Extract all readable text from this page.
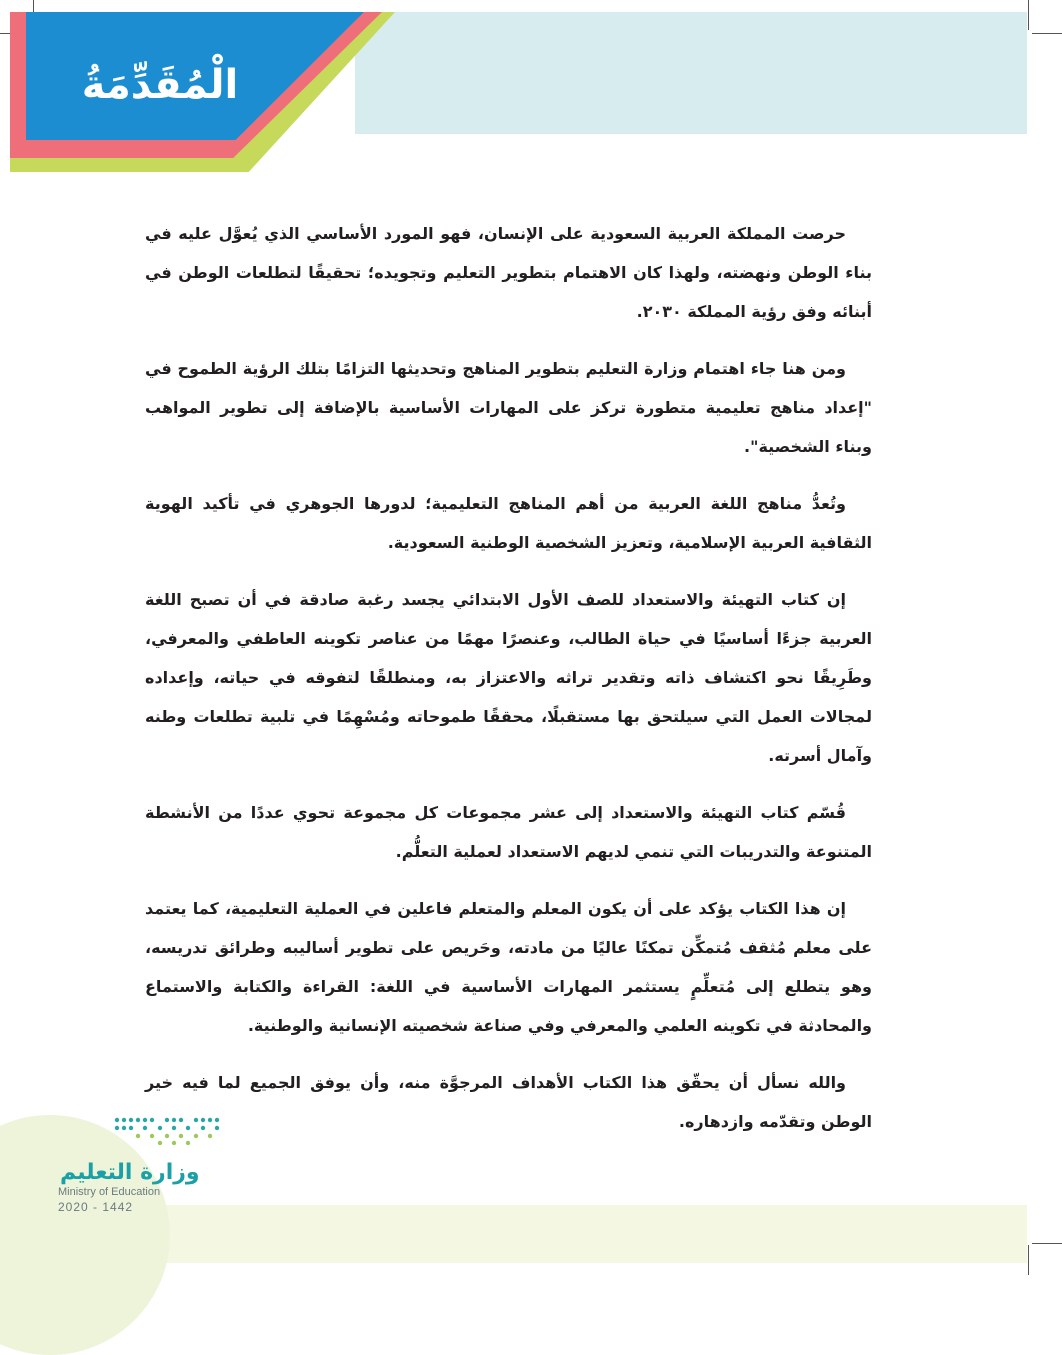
الْمُقَدِّمَةُ

حرصت المملكة العربية السعودية على الإنسان، فهو المورد الأساسي الذي يُعوَّل عليه في بناء الوطن ونهضته، ولهذا كان الاهتمام بتطوير التعليم وتجويده؛ تحقيقًا لتطلعات الوطن في أبنائه وفق رؤية المملكة ٢٠٣٠.

ومن هنا جاء اهتمام وزارة التعليم بتطوير المناهج وتحديثها التزامًا بتلك الرؤية الطموح في "إعداد مناهج تعليمية متطورة تركز على المهارات الأساسية بالإضافة إلى تطوير المواهب وبناء الشخصية".

وتُعدُّ مناهج اللغة العربية من أهم المناهج التعليمية؛ لدورها الجوهري في تأكيد الهوية الثقافية العربية الإسلامية، وتعزيز الشخصية الوطنية السعودية.

إن كتاب التهيئة والاستعداد للصف الأول الابتدائي يجسد رغبة صادقة في أن تصبح اللغة العربية جزءًا أساسيًا في حياة الطالب، وعنصرًا مهمًا من عناصر تكوينه العاطفي والمعرفي، وطَرِيقًا نحو اكتشاف ذاته وتقدير تراثه والاعتزاز به، ومنطلقًا لتفوقه في حياته، وإعداده لمجالات العمل التي سيلتحق بها مستقبلًا، محققًا طموحاته ومُسْهِمًا في تلبية تطلعات وطنه وآمال أسرته.

قُسّم كتاب التهيئة والاستعداد إلى عشر مجموعات كل مجموعة تحوي عددًا من الأنشطة المتنوعة والتدريبات التي تنمي لديهم الاستعداد لعملية التعلُّم.

إن هذا الكتاب يؤكد على أن يكون المعلم والمتعلم فاعلين في العملية التعليمية، كما يعتمد على معلم مُثقف مُتمكِّن تمكنًا عاليًا من مادته، وحَريص على تطوير أساليبه وطرائق تدريسه، وهو يتطلع إلى مُتعلِّمٍ يستثمر المهارات الأساسية في اللغة: القراءة والكتابة والاستماع والمحادثة في تكوينه العلمي والمعرفي وفي صناعة شخصيته الإنسانية والوطنية.

والله نسأل أن يحقّق هذا الكتاب الأهداف المرجوَّة منه، وأن يوفق الجميع لما فيه خير الوطن وتقدّمه وازدهاره.

وزارة التعليم
Ministry of Education
2020 - 1442
